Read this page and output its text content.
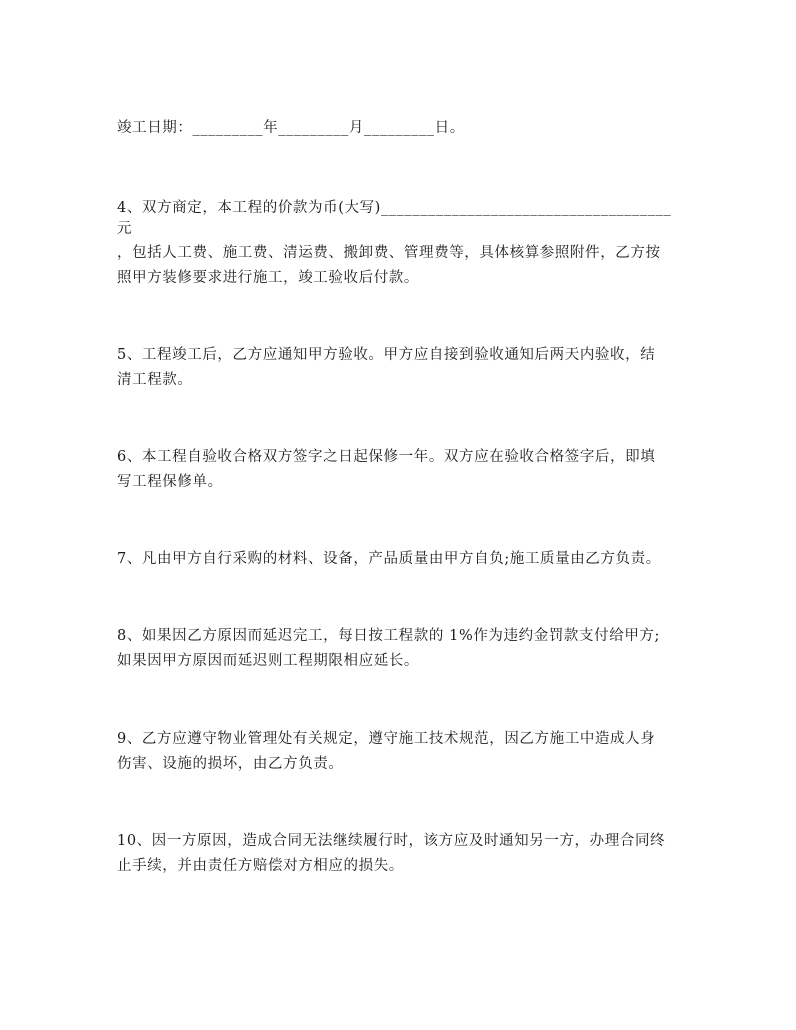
竣工日期：_________年_________月_________日。
4、双方商定，本工程的价款为币(大写)_____________________________________
元
，包括人工费、施工费、清运费、搬卸费、管理费等，具体核算参照附件，乙方按
照甲方装修要求进行施工，竣工验收后付款。
5、工程竣工后，乙方应通知甲方验收。甲方应自接到验收通知后两天内验收，结
清工程款。
6、本工程自验收合格双方签字之日起保修一年。双方应在验收合格签字后，即填
写工程保修单。
7、凡由甲方自行采购的材料、设备，产品质量由甲方自负;施工质量由乙方负责。
8、如果因乙方原因而延迟完工，每日按工程款的 1%作为违约金罚款支付给甲方;
如果因甲方原因而延迟则工程期限相应延长。
9、乙方应遵守物业管理处有关规定，遵守施工技术规范，因乙方施工中造成人身
伤害、设施的损坏，由乙方负责。
10、因一方原因，造成合同无法继续履行时，该方应及时通知另一方，办理合同终
止手续，并由责任方赔偿对方相应的损失。
